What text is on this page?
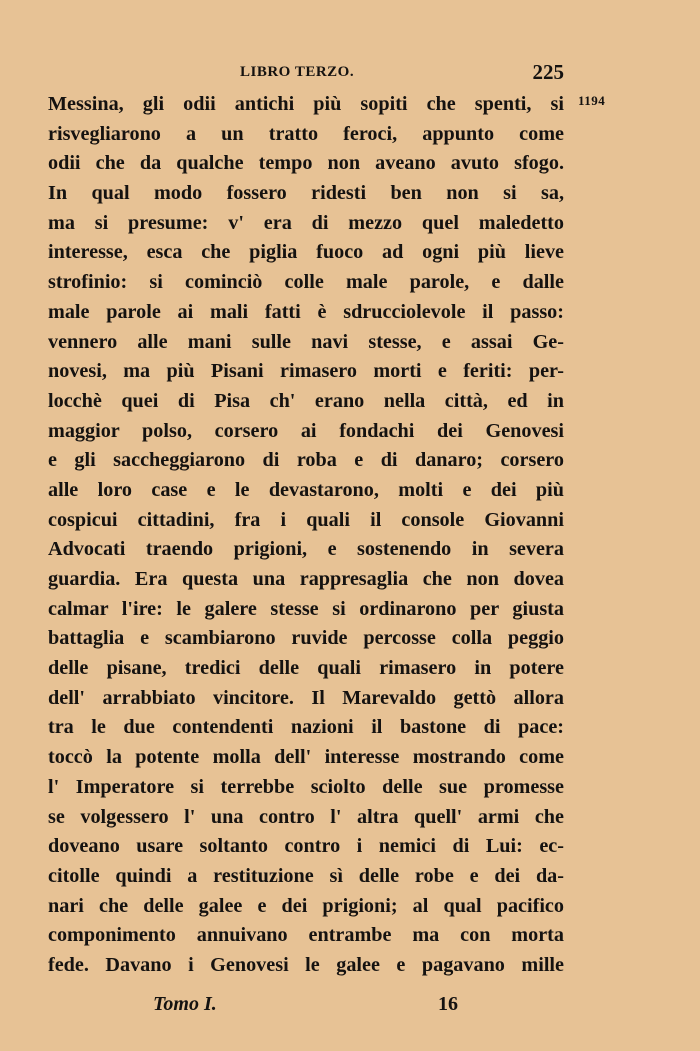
LIBRO TERZO.	225
Messina, gli odii antichi più sopiti che spenti, si
risvegliarono a un tratto feroci, appunto come
odii che da qualche tempo non aveano avuto sfogo.
In qual modo fossero ridesti ben non si sa,
ma si presume: v' era di mezzo quel maledetto
interesse, esca che piglia fuoco ad ogni più lieve
strofinio: si cominciò colle male parole, e dalle
male parole ai mali fatti è sdrucciolevole il passo:
vennero alle mani sulle navi stesse, e assai Ge-
novesi, ma più Pisani rimasero morti e feriti: per-
locchè quei di Pisa ch' erano nella città, ed in
maggior polso, corsero ai fondachi dei Genovesi
e gli saccheggiarono di roba e di danaro; corsero
alle loro case e le devastarono, molti e dei più
cospicui cittadini, fra i quali il console Giovanni
Advocati traendo prigioni, e sostenendo in severa
guardia. Era questa una rappresaglia che non dovea
calmar l'ire: le galere stesse si ordinarono per giusta
battaglia e scambiarono ruvide percosse colla peggio
delle pisane, tredici delle quali rimasero in potere
dell' arrabbiato vincitore. Il Marevaldo gettò allora
tra le due contendenti nazioni il bastone di pace:
toccò la potente molla dell' interesse mostrando come
l' Imperatore si terrebbe sciolto delle sue promesse
se volgessero l' una contro l' altra quell' armi che
doveano usare soltanto contro i nemici di Lui: ec-
citolle quindi a restituzione sì delle robe e dei da-
nari che delle galee e dei prigioni; al qual pacifico
componimento annuivano entrambe ma con morta
fede. Davano i Genovesi le galee e pagavano mille
Tomo I.	16
1194
